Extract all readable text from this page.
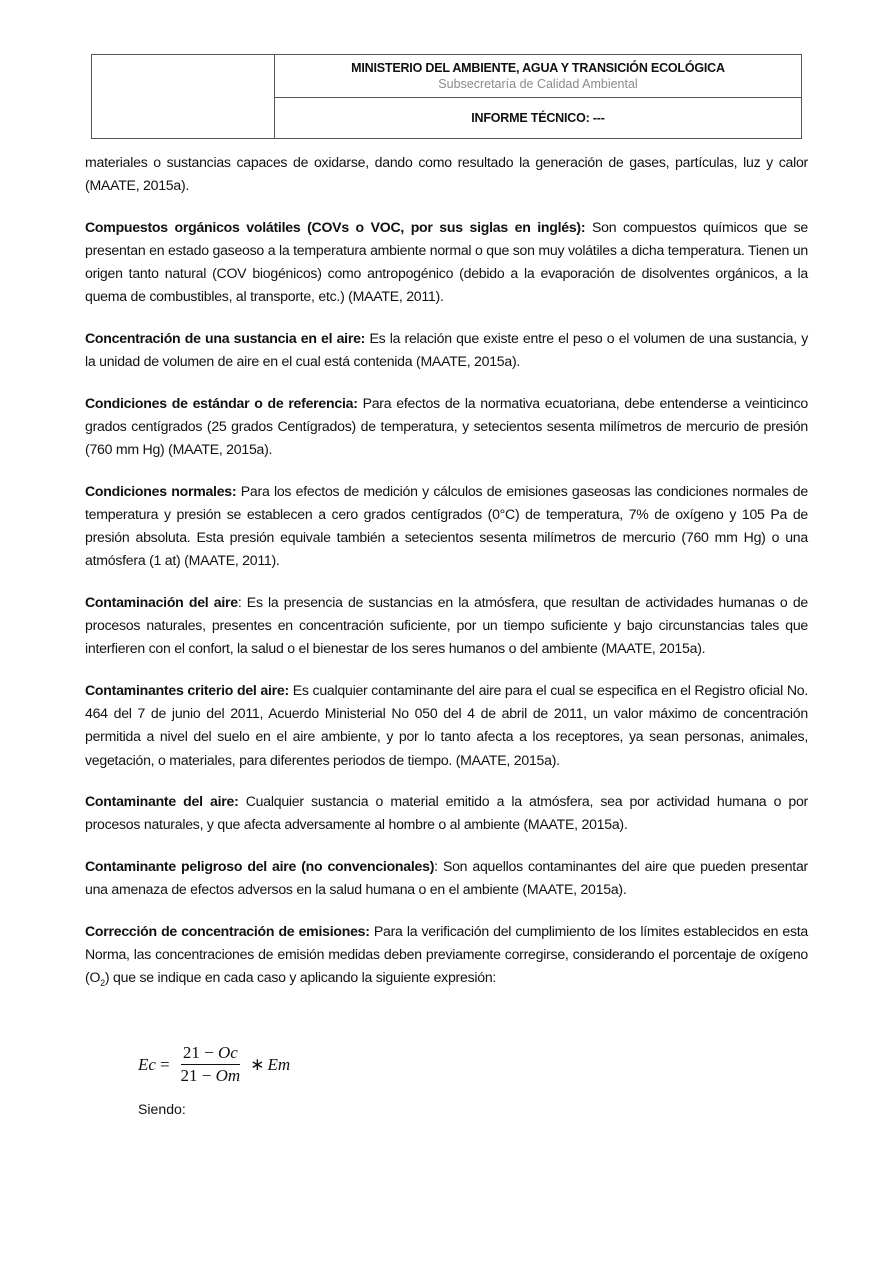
MINISTERIO DEL AMBIENTE, AGUA Y TRANSICIÓN ECOLÓGICA
Subsecretaría de Calidad Ambiental
INFORME TÉCNICO: ---

materiales o sustancias capaces de oxidarse, dando como resultado la generación de gases, partículas, luz y calor (MAATE, 2015a).

Compuestos orgánicos volátiles (COVs o VOC, por sus siglas en inglés): Son compuestos químicos que se presentan en estado gaseoso a la temperatura ambiente normal o que son muy volátiles a dicha temperatura. Tienen un origen tanto natural (COV biogénicos) como antropogénico (debido a la evaporación de disolventes orgánicos, a la quema de combustibles, al transporte, etc.) (MAATE, 2011).

Concentración de una sustancia en el aire: Es la relación que existe entre el peso o el volumen de una sustancia, y la unidad de volumen de aire en el cual está contenida (MAATE, 2015a).

Condiciones de estándar o de referencia: Para efectos de la normativa ecuatoriana, debe entenderse a veinticinco grados centígrados (25 grados Centígrados) de temperatura, y setecientos sesenta milímetros de mercurio de presión (760 mm Hg) (MAATE, 2015a).

Condiciones normales: Para los efectos de medición y cálculos de emisiones gaseosas las condiciones normales de temperatura y presión se establecen a cero grados centígrados (0°C) de temperatura, 7% de oxígeno y 105 Pa de presión absoluta. Esta presión equivale también a setecientos sesenta milímetros de mercurio (760 mm Hg) o una atmósfera (1 at) (MAATE, 2011).

Contaminación del aire: Es la presencia de sustancias en la atmósfera, que resultan de actividades humanas o de procesos naturales, presentes en concentración suficiente, por un tiempo suficiente y bajo circunstancias tales que interfieren con el confort, la salud o el bienestar de los seres humanos o del ambiente (MAATE, 2015a).

Contaminantes criterio del aire: Es cualquier contaminante del aire para el cual se especifica en el Registro oficial No. 464 del 7 de junio del 2011, Acuerdo Ministerial No 050 del 4 de abril de 2011, un valor máximo de concentración permitida a nivel del suelo en el aire ambiente, y por lo tanto afecta a los receptores, ya sean personas, animales, vegetación, o materiales, para diferentes periodos de tiempo. (MAATE, 2015a).

Contaminante del aire: Cualquier sustancia o material emitido a la atmósfera, sea por actividad humana o por procesos naturales, y que afecta adversamente al hombre o al ambiente (MAATE, 2015a).

Contaminante peligroso del aire (no convencionales): Son aquellos contaminantes del aire que pueden presentar una amenaza de efectos adversos en la salud humana o en el ambiente (MAATE, 2015a).

Corrección de concentración de emisiones: Para la verificación del cumplimiento de los límites establecidos en esta Norma, las concentraciones de emisión medidas deben previamente corregirse, considerando el porcentaje de oxígeno $(O_2)$ que se indique en cada caso y aplicando la siguiente expresión:

$Ec = \frac{21 - Oc}{21 - Om}$ ∗ Em
Siendo:
